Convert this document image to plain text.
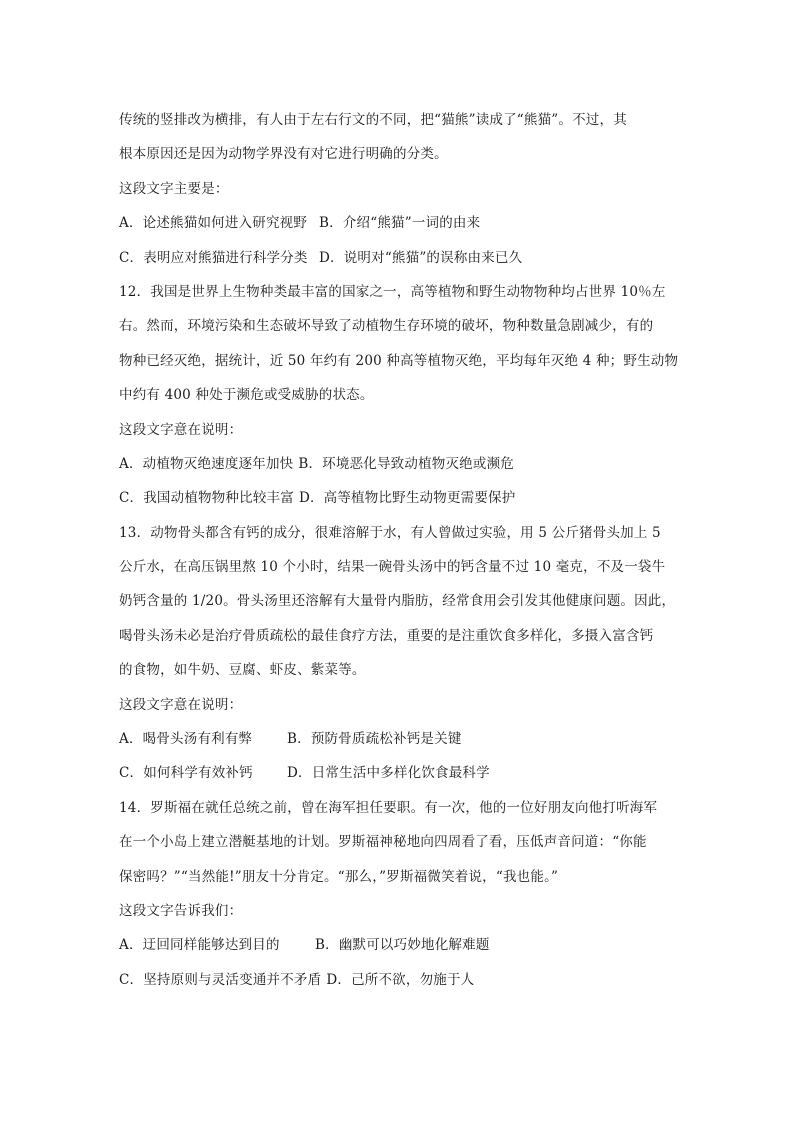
传统的竖排改为横排，有人由于左右行文的不同，把“猫熊”读成了“熊猫”。不过，其
根本原因还是因为动物学界没有对它进行明确的分类。
这段文字主要是：
A．论述熊猫如何进入研究视野 B．介绍“熊猫”一词的由来
C．表明应对熊猫进行科学分类 D．说明对“熊猫”的误称由来已久
12．我国是世界上生物种类最丰富的国家之一，高等植物和野生动物物种均占世界 10％左
右。然而，环境污染和生态破坏导致了动植物生存环境的破坏，物种数量急剧减少，有的
物种已经灭绝，据统计，近 50 年约有 200 种高等植物灭绝，平均每年灭绝 4 种；野生动物
中约有 400 种处于濒危或受威胁的状态。
这段文字意在说明：
A．动植物灭绝速度逐年加快 B．环境恶化导致动植物灭绝或濒危
C．我国动植物物种比较丰富 D．高等植物比野生动物更需要保护
13．动物骨头都含有钙的成分，很难溶解于水，有人曾做过实验，用 5 公斤猪骨头加上 5
公斤水，在高压锅里熬 10 个小时，结果一碗骨头汤中的钙含量不过 10 毫克，不及一袋牛
奶钙含量的 1/20。骨头汤里还溶解有大量骨内脂肪，经常食用会引发其他健康问题。因此，
喝骨头汤未必是治疗骨质疏松的最佳食疗方法，重要的是注重饮食多样化，多摄入富含钙
的食物，如牛奶、豆腐、虾皮、紫菜等。
这段文字意在说明：
A．喝骨头汤有利有弊	B．预防骨质疏松补钙是关键
C．如何科学有效补钙	D．日常生活中多样化饮食最科学
14．罗斯福在就任总统之前，曾在海军担任要职。有一次，他的一位好朋友向他打听海军
在一个小岛上建立潜艇基地的计划。罗斯福神秘地向四周看了看，压低声音问道：“你能
保密吗？”“当然能!”朋友十分肯定。“那么，”罗斯福微笑着说，“我也能。”
这段文字告诉我们：
A．迂回同样能够达到目的	B．幽默可以巧妙地化解难题
C．坚持原则与灵活变通并不矛盾 D．己所不欲，勿施于人
